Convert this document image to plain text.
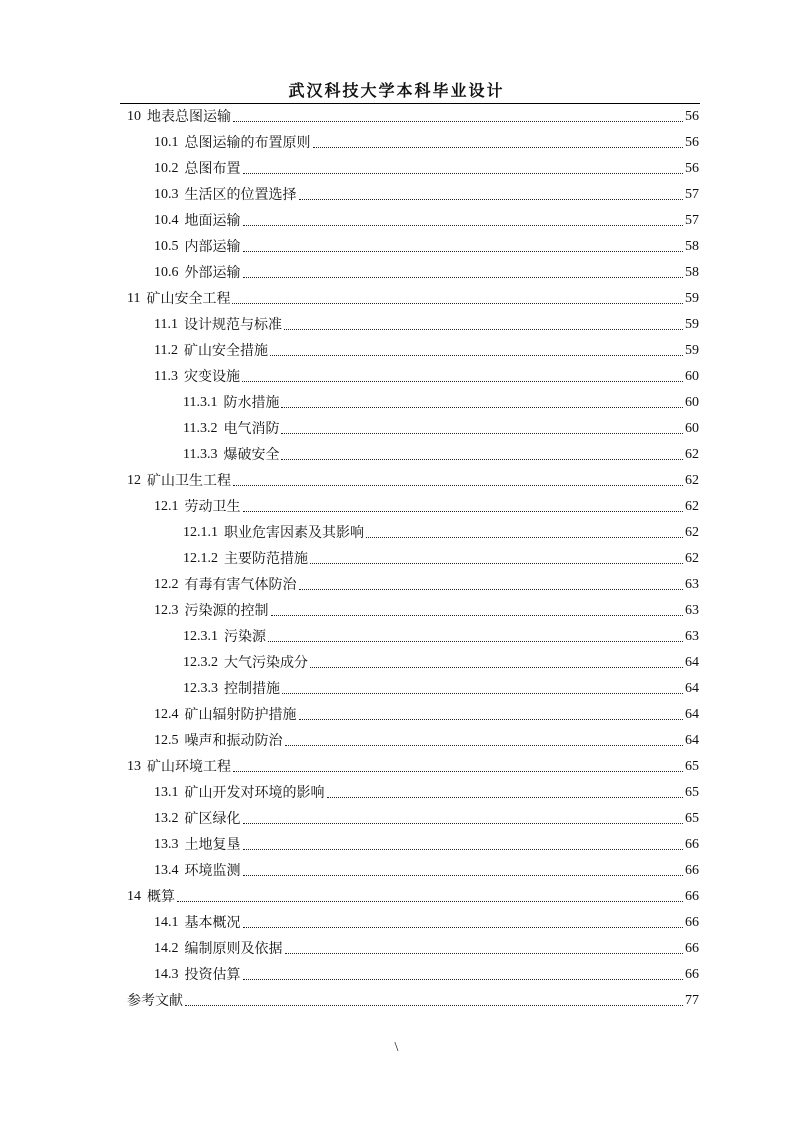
武汉科技大学本科毕业设计
10 地表总图运输	56
10.1 总图运输的布置原则	56
10.2 总图布置	56
10.3 生活区的位置选择	57
10.4 地面运输	57
10.5 内部运输	58
10.6 外部运输	58
11 矿山安全工程	59
11.1 设计规范与标准	59
11.2 矿山安全措施	59
11.3 灾变设施	60
11.3.1 防水措施	60
11.3.2 电气消防	60
11.3.3 爆破安全	62
12 矿山卫生工程	62
12.1 劳动卫生	62
12.1.1 职业危害因素及其影响	62
12.1.2 主要防范措施	62
12.2 有毒有害气体防治	63
12.3 污染源的控制	63
12.3.1 污染源	63
12.3.2 大气污染成分	64
12.3.3 控制措施	64
12.4 矿山辐射防护措施	64
12.5 噪声和振动防治	64
13 矿山环境工程	65
13.1 矿山开发对环境的影响	65
13.2 矿区绿化	65
13.3 土地复垦	66
13.4 环境监测	66
14 概算	66
14.1 基本概况	66
14.2 编制原则及依据	66
14.3 投资估算	66
参考文献	77
\
